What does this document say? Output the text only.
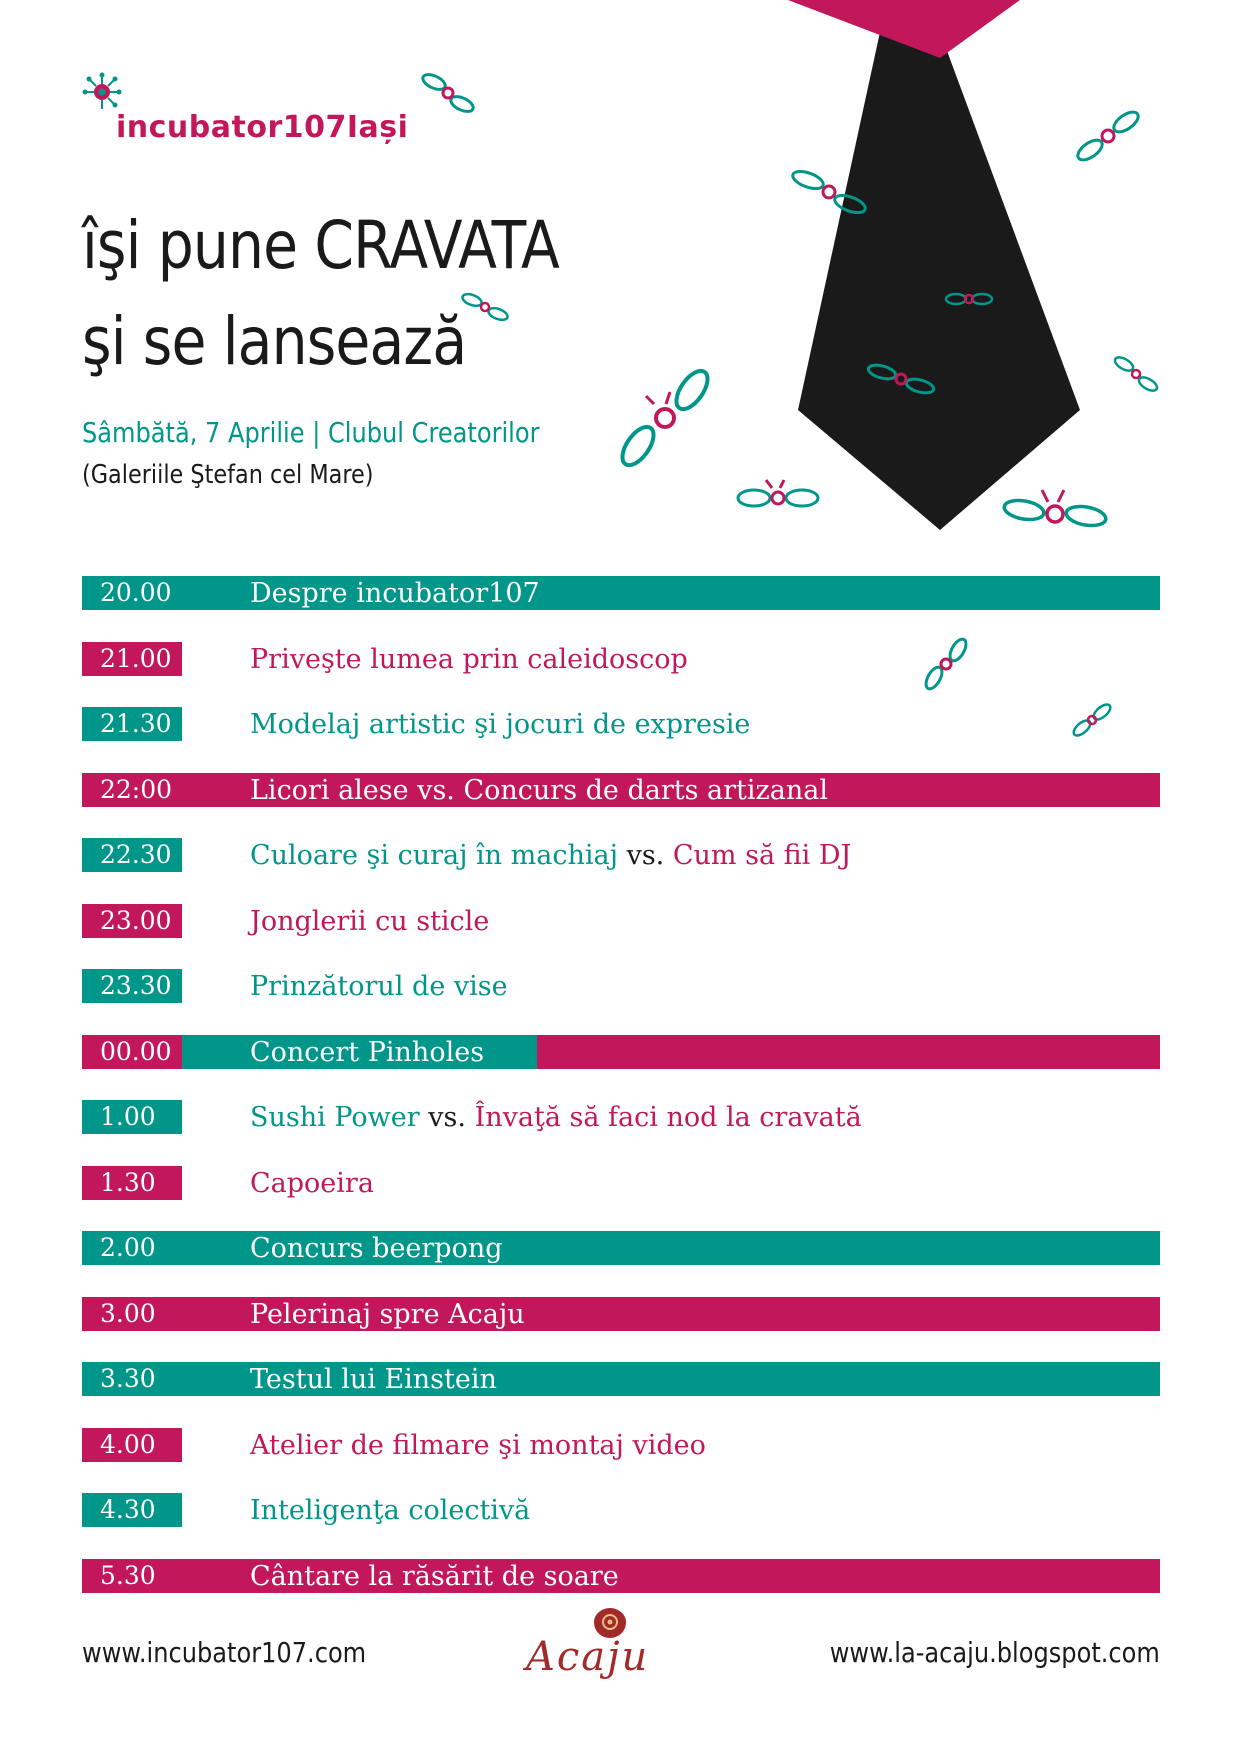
incubator107Iași
îşi pune CRAVATA
şi se lansează
Sâmbătă, 7 Aprilie | Clubul Creatorilor
(Galeriile Ştefan cel Mare)
20.00	Despre incubator107
21.00	Priveşte lumea prin caleidoscop
21.30	Modelaj artistic şi jocuri de expresie
22:00	Licori alese vs. Concurs de darts artizanal
22.30	Culoare şi curaj în machiaj vs. Cum să fii DJ
23.00	Jonglerii cu sticle
23.30	Prinzătorul de vise
00.00	Concert Pinholes
1.00	Sushi Power vs. Învaţă să faci nod la cravată
1.30	Capoeira
2.00	Concurs beerpong
3.00	Pelerinaj spre Acaju
3.30	Testul lui Einstein
4.00	Atelier de filmare şi montaj video
4.30	Inteligenţa colectivă
5.30	Cântare la răsărit de soare
www.incubator107.com	Acaju	www.la-acaju.blogspot.com
